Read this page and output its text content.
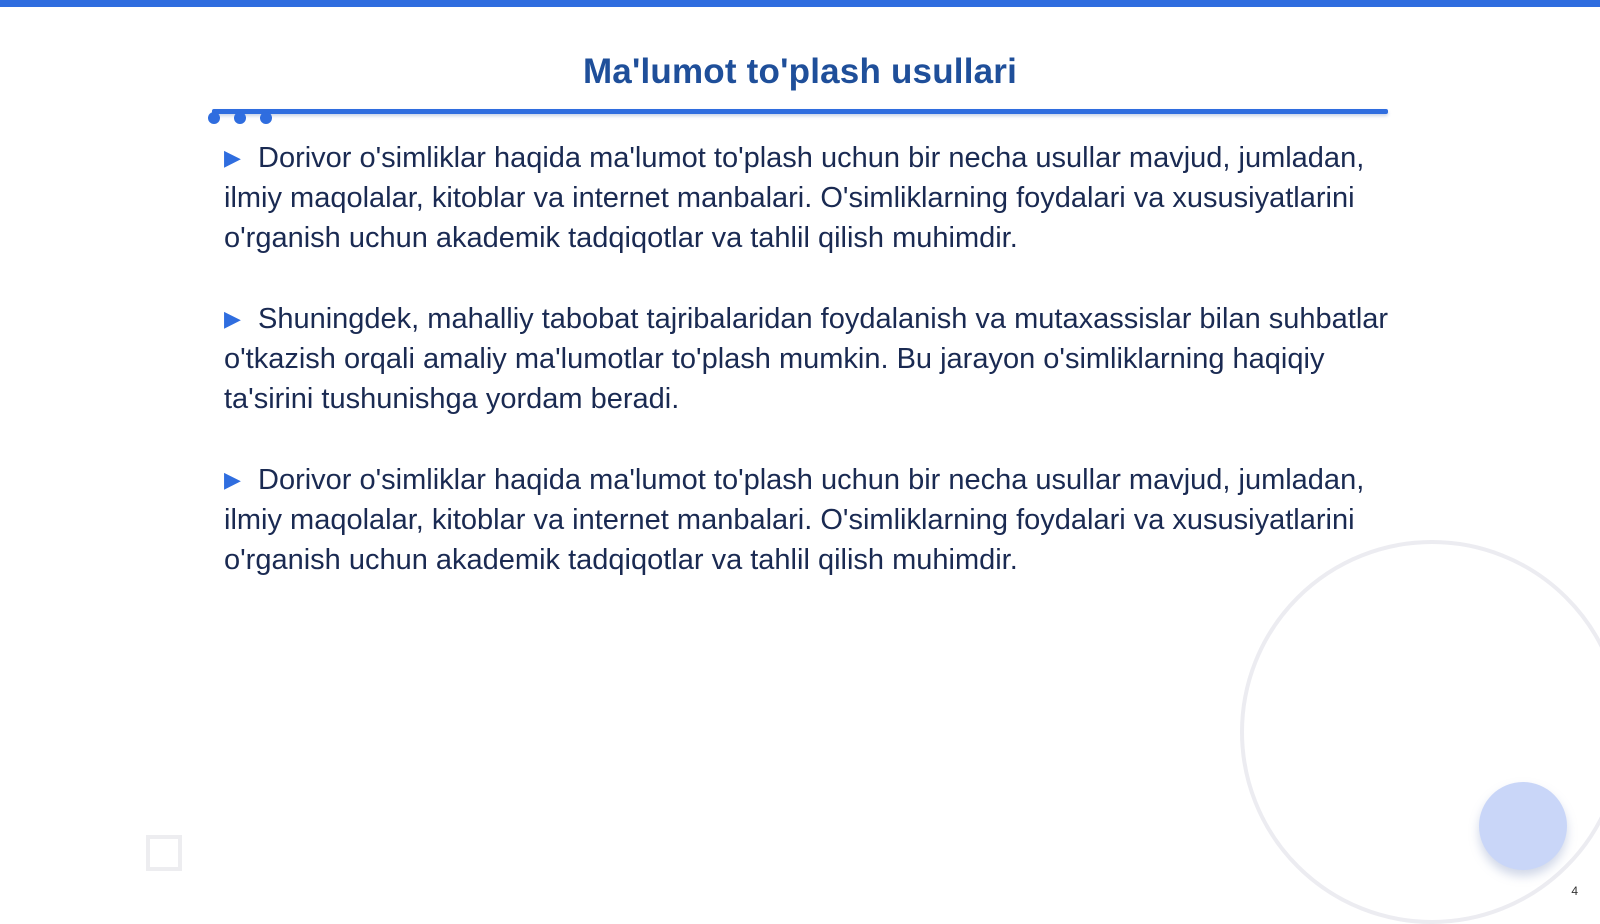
Ma'lumot to'plash usullari

▶ Dorivor o'simliklar haqida ma'lumot to'plash uchun bir necha usullar mavjud, jumladan, ilmiy maqolalar, kitoblar va internet manbalari. O'simliklarning foydalari va xususiyatlarini o'rganish uchun akademik tadqiqotlar va tahlil qilish muhimdir.

▶ Shuningdek, mahalliy tabobat tajribalaridan foydalanish va mutaxassislar bilan suhbatlar o'tkazish orqali amaliy ma'lumotlar to'plash mumkin. Bu jarayon o'simliklarning haqiqiy ta'sirini tushunishga yordam beradi.

▶ Dorivor o'simliklar haqida ma'lumot to'plash uchun bir necha usullar mavjud, jumladan, ilmiy maqolalar, kitoblar va internet manbalari. O'simliklarning foydalari va xususiyatlarini o'rganish uchun akademik tadqiqotlar va tahlil qilish muhimdir.

4
